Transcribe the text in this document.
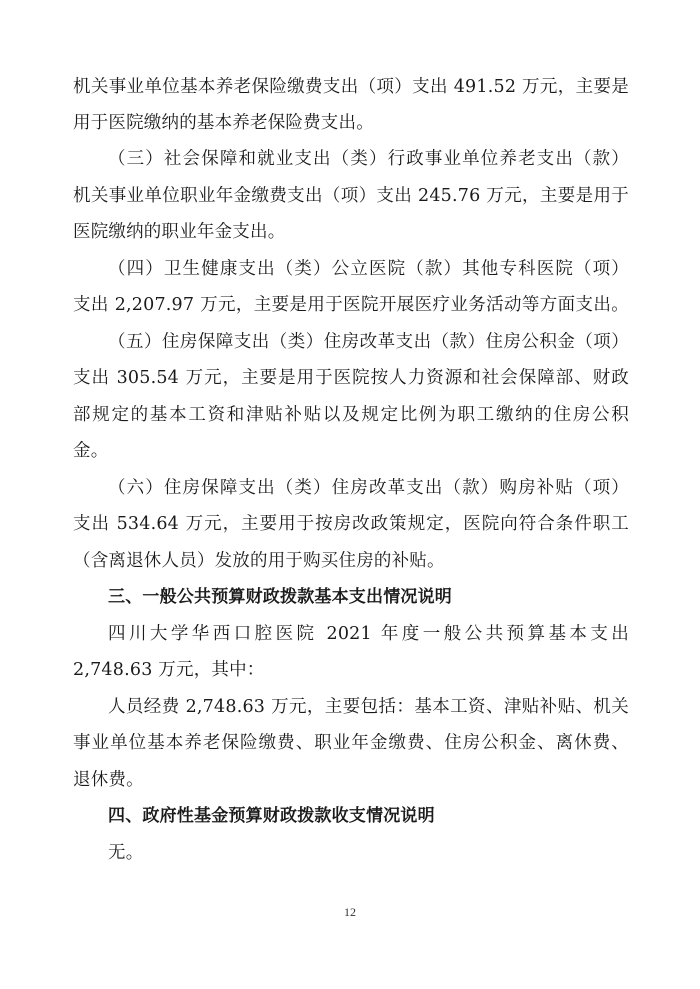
机关事业单位基本养老保险缴费支出（项）支出 491.52 万元，主要是
用于医院缴纳的基本养老保险费支出。
（三）社会保障和就业支出（类）行政事业单位养老支出（款）
机关事业单位职业年金缴费支出（项）支出 245.76 万元，主要是用于
医院缴纳的职业年金支出。
（四）卫生健康支出（类）公立医院（款）其他专科医院（项）
支出 2,207.97 万元，主要是用于医院开展医疗业务活动等方面支出。
（五）住房保障支出（类）住房改革支出（款）住房公积金（项）
支出 305.54 万元，主要是用于医院按人力资源和社会保障部、财政
部规定的基本工资和津贴补贴以及规定比例为职工缴纳的住房公积
金。
（六）住房保障支出（类）住房改革支出（款）购房补贴（项）
支出 534.64 万元，主要用于按房改政策规定，医院向符合条件职工
（含离退休人员）发放的用于购买住房的补贴。
三、一般公共预算财政拨款基本支出情况说明
四川大学华西口腔医院 2021 年度一般公共预算基本支出
2,748.63 万元，其中：
人员经费 2,748.63 万元，主要包括：基本工资、津贴补贴、机关
事业单位基本养老保险缴费、职业年金缴费、住房公积金、离休费、
退休费。
四、政府性基金预算财政拨款收支情况说明
无。
12
